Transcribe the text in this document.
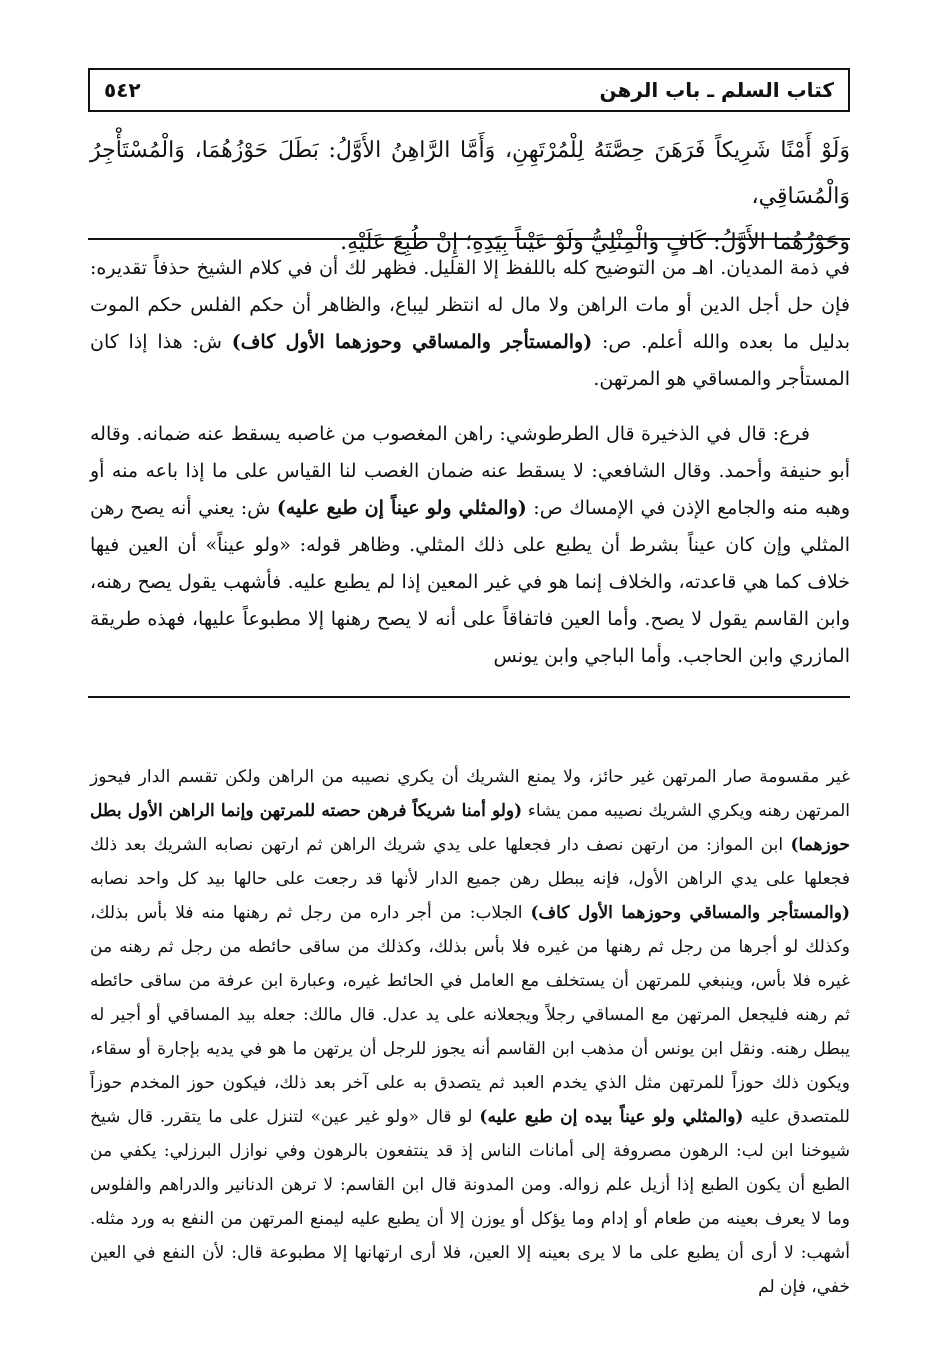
كتاب السلم ـ باب الرهن
٥٤٢

وَلَوْ أَمْنًا شَرِيكاً فَرَهَنَ حِصَّتَهُ لِلْمُرْتَهِنِ، وَأَمَّا الرَّاهِنُ الأَوَّلُ: بَطَلَ حَوْزُهُمَا، وَالْمُسْتَأْجِرُ وَالْمُسَاقِي،

وَحَوْزُهُمَا الأَوَّلُ: كَافٍ وَالْمِثْلِيُّ وَلَوْ عَيْناً بِيَدِهِ؛ إِنْ طُبِعَ عَلَيْهِ.

في ذمة المديان. اهـ من التوضيح كله باللفظ إلا القليل. فظهر لك أن في كلام الشيخ حذفاً تقديره: فإن حل أجل الدين أو مات الراهن ولا مال له انتظر ليباع، والظاهر أن حكم الفلس حكم الموت بدليل ما بعده والله أعلم. ص: (والمستأجر والمساقي وحوزهما الأول كاف) ش: هذا إذا كان المستأجر والمساقي هو المرتهن.

فرع: قال في الذخيرة قال الطرطوشي: راهن المغصوب من غاصبه يسقط عنه ضمانه. وقاله أبو حنيفة وأحمد. وقال الشافعي: لا يسقط عنه ضمان الغصب لنا القياس على ما إذا باعه منه أو وهبه منه والجامع الإذن في الإمساك ص: (والمثلي ولو عيناً إن طبع عليه) ش: يعني أنه يصح رهن المثلي وإن كان عيناً بشرط أن يطبع على ذلك المثلي. وظاهر قوله: «ولو عيناً» أن العين فيها خلاف كما هي قاعدته، والخلاف إنما هو في غير المعين إذا لم يطبع عليه. فأشهب يقول يصح رهنه، وابن القاسم يقول لا يصح. وأما العين فاتفاقاً على أنه لا يصح رهنها إلا مطبوعاً عليها، فهذه طريقة المازري وابن الحاجب. وأما الباجي وابن يونس

غير مقسومة صار المرتهن غير حائز، ولا يمنع الشريك أن يكري نصيبه من الراهن ولكن تقسم الدار فيحوز المرتهن رهنه ويكري الشريك نصيبه ممن يشاء (ولو أمنا شريكاً فرهن حصته للمرتهن وإنما الراهن الأول بطل حوزهما) ابن المواز: من ارتهن نصف دار فجعلها على يدي شريك الراهن ثم ارتهن نصابه الشريك بعد ذلك فجعلها على يدي الراهن الأول، فإنه يبطل رهن جميع الدار لأنها قد رجعت على حالها بيد كل واحد نصابه (والمستأجر والمساقي وحوزهما الأول كاف) الجلاب: من أجر داره من رجل ثم رهنها منه فلا بأس بذلك، وكذلك لو أجرها من رجل ثم رهنها من غيره فلا بأس بذلك، وكذلك من ساقى حائطه من رجل ثم رهنه من غيره فلا بأس، وينبغي للمرتهن أن يستخلف مع العامل في الحائط غيره، وعبارة ابن عرفة من ساقى حائطه ثم رهنه فليجعل المرتهن مع المساقي رجلاً ويجعلانه على يد عدل. قال مالك: جعله بيد المساقي أو أجير له يبطل رهنه. ونقل ابن يونس أن مذهب ابن القاسم أنه يجوز للرجل أن يرتهن ما هو في يديه بإجارة أو سقاء، ويكون ذلك حوزاً للمرتهن مثل الذي يخدم العبد ثم يتصدق به على آخر بعد ذلك، فيكون حوز المخدم حوزاً للمتصدق عليه (والمثلي ولو عيناً بيده إن طبع عليه) لو قال «ولو غير عين» لتنزل على ما يتقرر. قال شيخ شيوخنا ابن لب: الرهون مصروفة إلى أمانات الناس إذ قد ينتفعون بالرهون وفي نوازل البرزلي: يكفي من الطبع أن يكون الطبع إذا أزيل علم زواله. ومن المدونة قال ابن القاسم: لا ترهن الدنانير والدراهم والفلوس وما لا يعرف بعينه من طعام أو إدام وما يؤكل أو يوزن إلا أن يطبع عليه ليمنع المرتهن من النفع به ورد مثله. أشهب: لا أرى أن يطبع على ما لا يرى بعينه إلا العين، فلا أرى ارتهانها إلا مطبوعة قال: لأن النفع في العين خفي، فإن لم
